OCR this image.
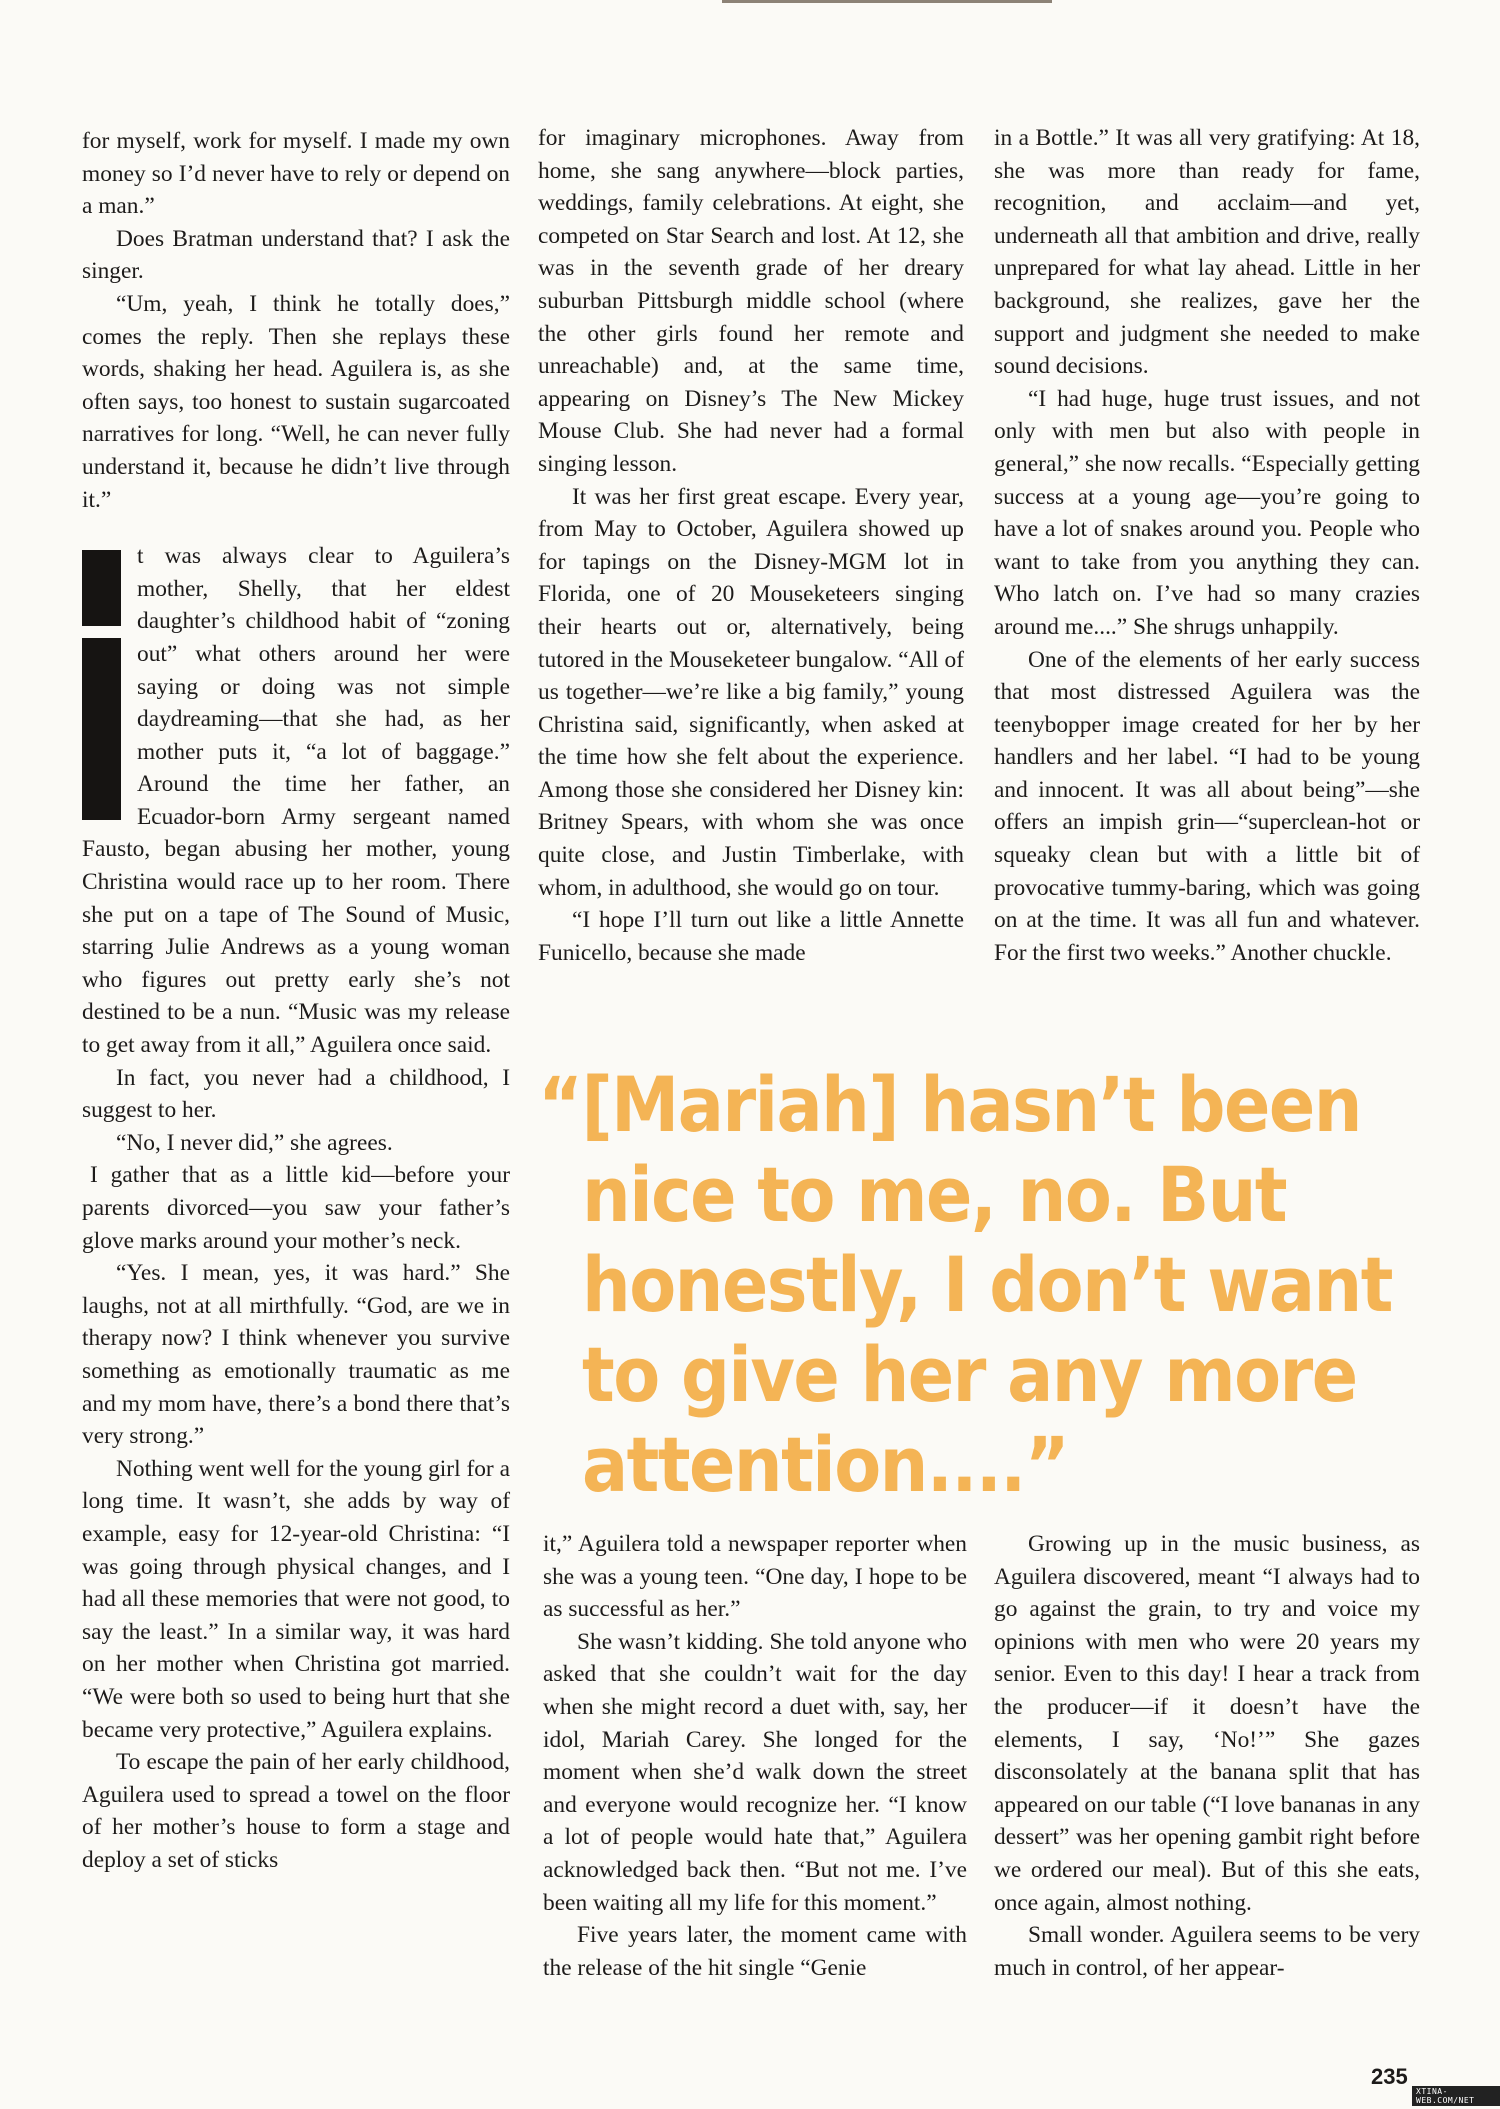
for myself, work for myself. I made my own money so I’d never have to rely or depend on a man.”

Does Bratman understand that? I ask the singer.

“Um, yeah, I think he totally does,” comes the reply. Then she replays these words, shaking her head. Aguilera is, as she often says, too honest to sustain sugarcoated narratives for long. “Well, he can never fully understand it, because he didn’t live through it.”

t was always clear to Aguilera’s mother, Shelly, that her eldest daughter’s childhood habit of “zoning out” what others around her were saying or doing was not simple daydreaming—that she had, as her mother puts it, “a lot of baggage.” Around the time her father, an Ecuador-born Army sergeant named Fausto, began abusing her mother, young Christina would race up to her room. There she put on a tape of The Sound of Music, starring Julie Andrews as a young woman who figures out pretty early she’s not destined to be a nun. “Music was my release to get away from it all,” Aguilera once said.

In fact, you never had a childhood, I suggest to her.

“No, I never did,” she agrees.

I gather that as a little kid—before your parents divorced—you saw your father’s glove marks around your mother’s neck.

“Yes. I mean, yes, it was hard.” She laughs, not at all mirthfully. “God, are we in therapy now? I think whenever you survive something as emotionally traumatic as me and my mom have, there’s a bond there that’s very strong.”

Nothing went well for the young girl for a long time. It wasn’t, she adds by way of example, easy for 12-year-old Christina: “I was going through physical changes, and I had all these memories that were not good, to say the least.” In a similar way, it was hard on her mother when Christina got married. “We were both so used to being hurt that she became very protective,” Aguilera explains.

To escape the pain of her early childhood, Aguilera used to spread a towel on the floor of her mother’s house to form a stage and deploy a set of sticks

for imaginary microphones. Away from home, she sang anywhere—block parties, weddings, family celebrations. At eight, she competed on Star Search and lost. At 12, she was in the seventh grade of her dreary suburban Pittsburgh middle school (where the other girls found her remote and unreachable) and, at the same time, appearing on Disney’s The New Mickey Mouse Club. She had never had a formal singing lesson.

It was her first great escape. Every year, from May to October, Aguilera showed up for tapings on the Disney-MGM lot in Florida, one of 20 Mouseketeers singing their hearts out or, alternatively, being tutored in the Mouseketeer bungalow. “All of us together—we’re like a big family,” young Christina said, significantly, when asked at the time how she felt about the experience. Among those she considered her Disney kin: Britney Spears, with whom she was once quite close, and Justin Timberlake, with whom, in adulthood, she would go on tour.

“I hope I’ll turn out like a little Annette Funicello, because she made

in a Bottle.” It was all very gratifying: At 18, she was more than ready for fame, recognition, and acclaim—and yet, underneath all that ambition and drive, really unprepared for what lay ahead. Little in her background, she realizes, gave her the support and judgment she needed to make sound decisions.

“I had huge, huge trust issues, and not only with men but also with people in general,” she now recalls. “Especially getting success at a young age—you’re going to have a lot of snakes around you. People who want to take from you anything they can. Who latch on. I’ve had so many crazies around me....” She shrugs unhappily.

One of the elements of her early success that most distressed Aguilera was the teenybopper image created for her by her handlers and her label. “I had to be young and innocent. It was all about being”—she offers an impish grin—“superclean-hot or squeaky clean but with a little bit of provocative tummy-baring, which was going on at the time. It was all fun and whatever. For the first two weeks.” Another chuckle.

“[Mariah] hasn’t been
nice to me, no. But
honestly, I don’t want
to give her any more
attention....”

it,” Aguilera told a newspaper reporter when she was a young teen. “One day, I hope to be as successful as her.”

She wasn’t kidding. She told anyone who asked that she couldn’t wait for the day when she might record a duet with, say, her idol, Mariah Carey. She longed for the moment when she’d walk down the street and everyone would recognize her. “I know a lot of people would hate that,” Aguilera acknowledged back then. “But not me. I’ve been waiting all my life for this moment.”

Five years later, the moment came with the release of the hit single “Genie

Growing up in the music business, as Aguilera discovered, meant “I always had to go against the grain, to try and voice my opinions with men who were 20 years my senior. Even to this day! I hear a track from the producer—if it doesn’t have the elements, I say, ‘No!’” She gazes disconsolately at the banana split that has appeared on our table (“I love bananas in any dessert” was her opening gambit right before we ordered our meal). But of this she eats, once again, almost nothing.

Small wonder. Aguilera seems to be very much in control, of her appear-

235
XTINA-WEB.COM/NET
